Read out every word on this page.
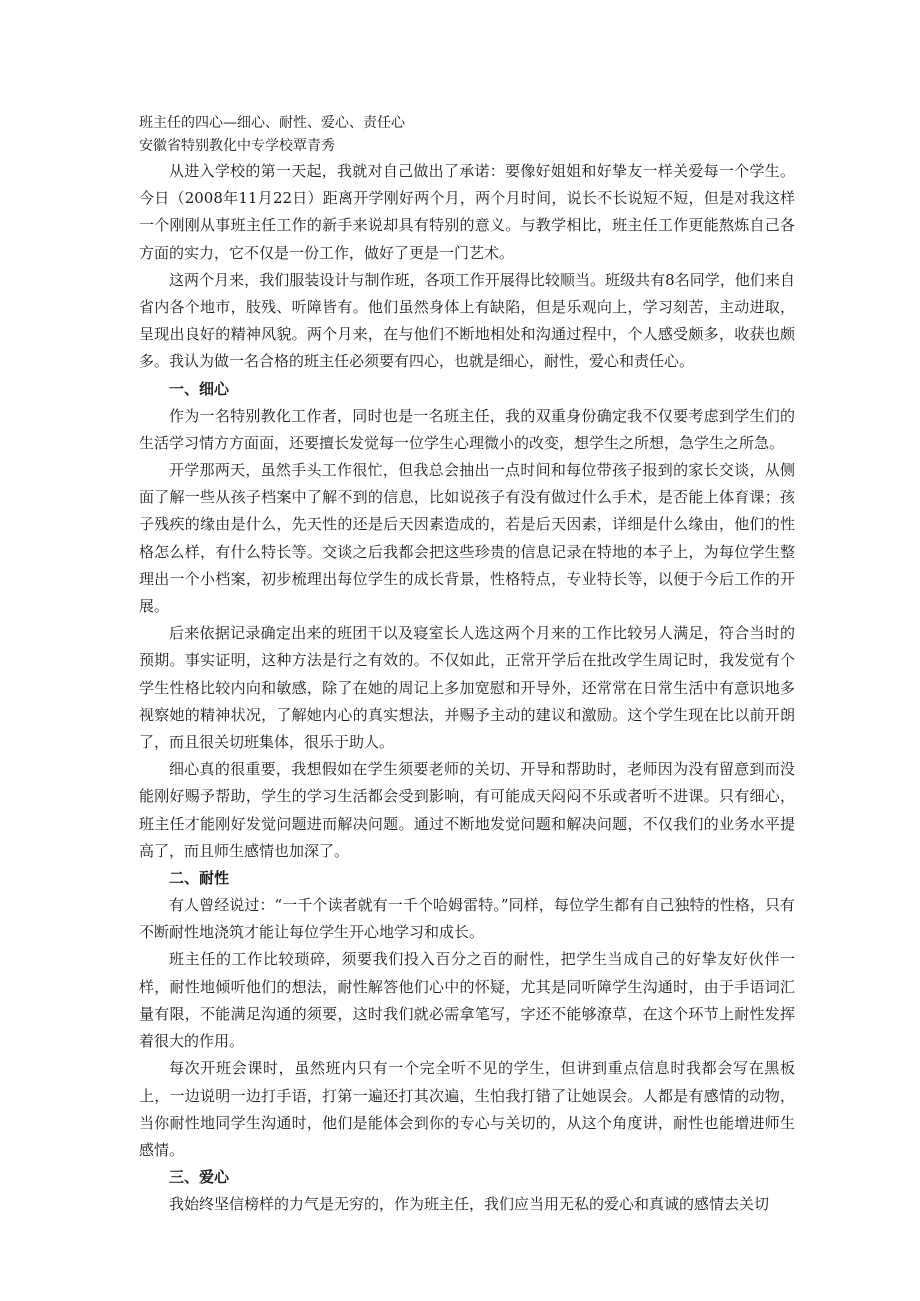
班主任的四心—细心、耐性、爱心、责任心
安徽省特别教化中专学校覃青秀

从进入学校的第一天起，我就对自己做出了承诺：要像好姐姐和好挚友一样关爱每一个学生。今日（2008年11月22日）距离开学刚好两个月，两个月时间，说长不长说短不短，但是对我这样一个刚刚从事班主任工作的新手来说却具有特别的意义。与教学相比，班主任工作更能熬炼自己各方面的实力，它不仅是一份工作，做好了更是一门艺术。

这两个月来，我们服装设计与制作班，各项工作开展得比较顺当。班级共有8名同学，他们来自省内各个地市，肢残、听障皆有。他们虽然身体上有缺陷，但是乐观向上，学习刻苦，主动进取，呈现出良好的精神风貌。两个月来，在与他们不断地相处和沟通过程中，个人感受颇多，收获也颇多。我认为做一名合格的班主任必须要有四心，也就是细心，耐性，爱心和责任心。

一、细心

作为一名特别教化工作者，同时也是一名班主任，我的双重身份确定我不仅要考虑到学生们的生活学习情方方面面，还要擅长发觉每一位学生心理微小的改变，想学生之所想，急学生之所急。

开学那两天，虽然手头工作很忙，但我总会抽出一点时间和每位带孩子报到的家长交谈，从侧面了解一些从孩子档案中了解不到的信息，比如说孩子有没有做过什么手术，是否能上体育课；孩子残疾的缘由是什么，先天性的还是后天因素造成的，若是后天因素，详细是什么缘由，他们的性格怎么样，有什么特长等。交谈之后我都会把这些珍贵的信息记录在特地的本子上，为每位学生整理出一个小档案，初步梳理出每位学生的成长背景，性格特点，专业特长等，以便于今后工作的开展。

后来依据记录确定出来的班团干以及寝室长人选这两个月来的工作比较另人满足，符合当时的预期。事实证明，这种方法是行之有效的。不仅如此，正常开学后在批改学生周记时，我发觉有个学生性格比较内向和敏感，除了在她的周记上多加宽慰和开导外，还常常在日常生活中有意识地多视察她的精神状况，了解她内心的真实想法，并赐予主动的建议和激励。这个学生现在比以前开朗了，而且很关切班集体，很乐于助人。

细心真的很重要，我想假如在学生须要老师的关切、开导和帮助时，老师因为没有留意到而没能刚好赐予帮助，学生的学习生活都会受到影响，有可能成天闷闷不乐或者听不进课。只有细心，班主任才能刚好发觉问题进而解决问题。通过不断地发觉问题和解决问题，不仅我们的业务水平提高了，而且师生感情也加深了。

二、耐性

有人曾经说过：“一千个读者就有一千个哈姆雷特。”同样，每位学生都有自己独特的性格，只有不断耐性地浇筑才能让每位学生开心地学习和成长。

班主任的工作比较琐碎，须要我们投入百分之百的耐性，把学生当成自己的好挚友好伙伴一样，耐性地倾听他们的想法，耐性解答他们心中的怀疑，尤其是同听障学生沟通时，由于手语词汇量有限，不能满足沟通的须要，这时我们就必需拿笔写，字还不能够潦草，在这个环节上耐性发挥着很大的作用。

每次开班会课时，虽然班内只有一个完全听不见的学生，但讲到重点信息时我都会写在黑板上，一边说明一边打手语，打第一遍还打其次遍，生怕我打错了让她误会。人都是有感情的动物，当你耐性地同学生沟通时，他们是能体会到你的专心与关切的，从这个角度讲，耐性也能增进师生感情。

三、爱心

我始终坚信榜样的力气是无穷的，作为班主任，我们应当用无私的爱心和真诚的感情去关切
